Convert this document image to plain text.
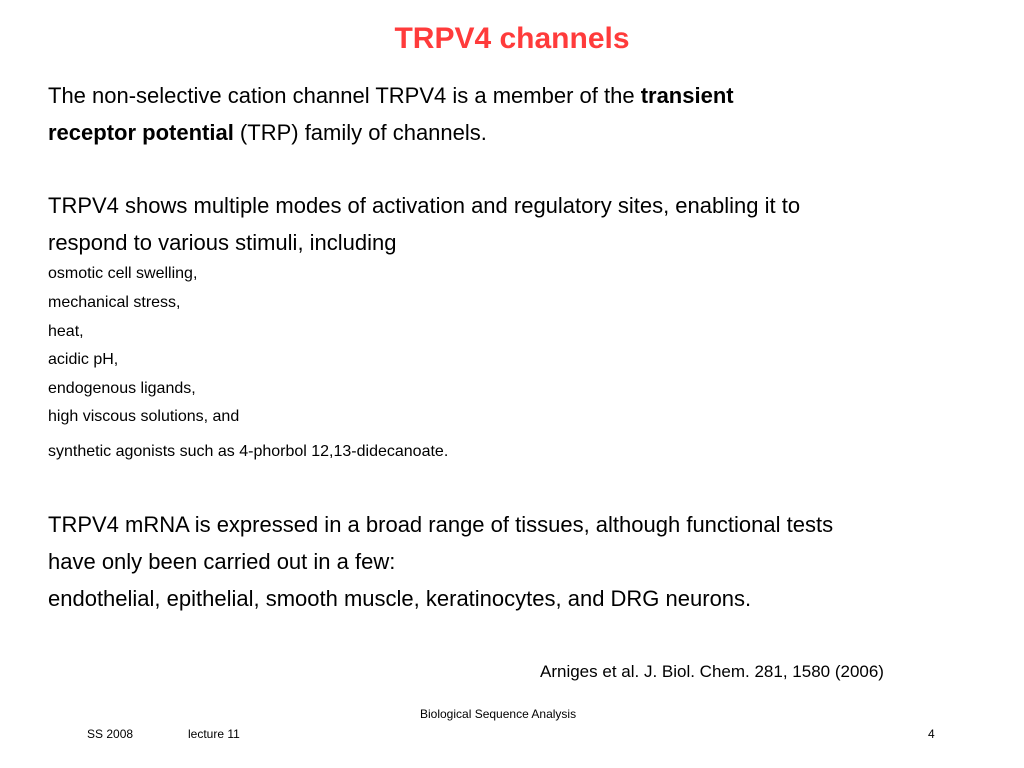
TRPV4 channels
The non-selective cation channel TRPV4 is a member of the transient
receptor potential (TRP) family of channels.
TRPV4 shows multiple modes of activation and regulatory sites, enabling it to
respond to various stimuli, including
osmotic cell swelling,
mechanical stress,
heat,
acidic pH,
endogenous ligands,
high viscous solutions, and
synthetic agonists such as 4-phorbol 12,13-didecanoate.
TRPV4 mRNA is expressed in a broad range of tissues, although functional tests
have only been carried out in a few:
endothelial, epithelial, smooth muscle, keratinocytes, and DRG neurons.
Arniges et al. J. Biol. Chem. 281, 1580 (2006)
Biological Sequence Analysis
SS 2008	lecture 11	4
